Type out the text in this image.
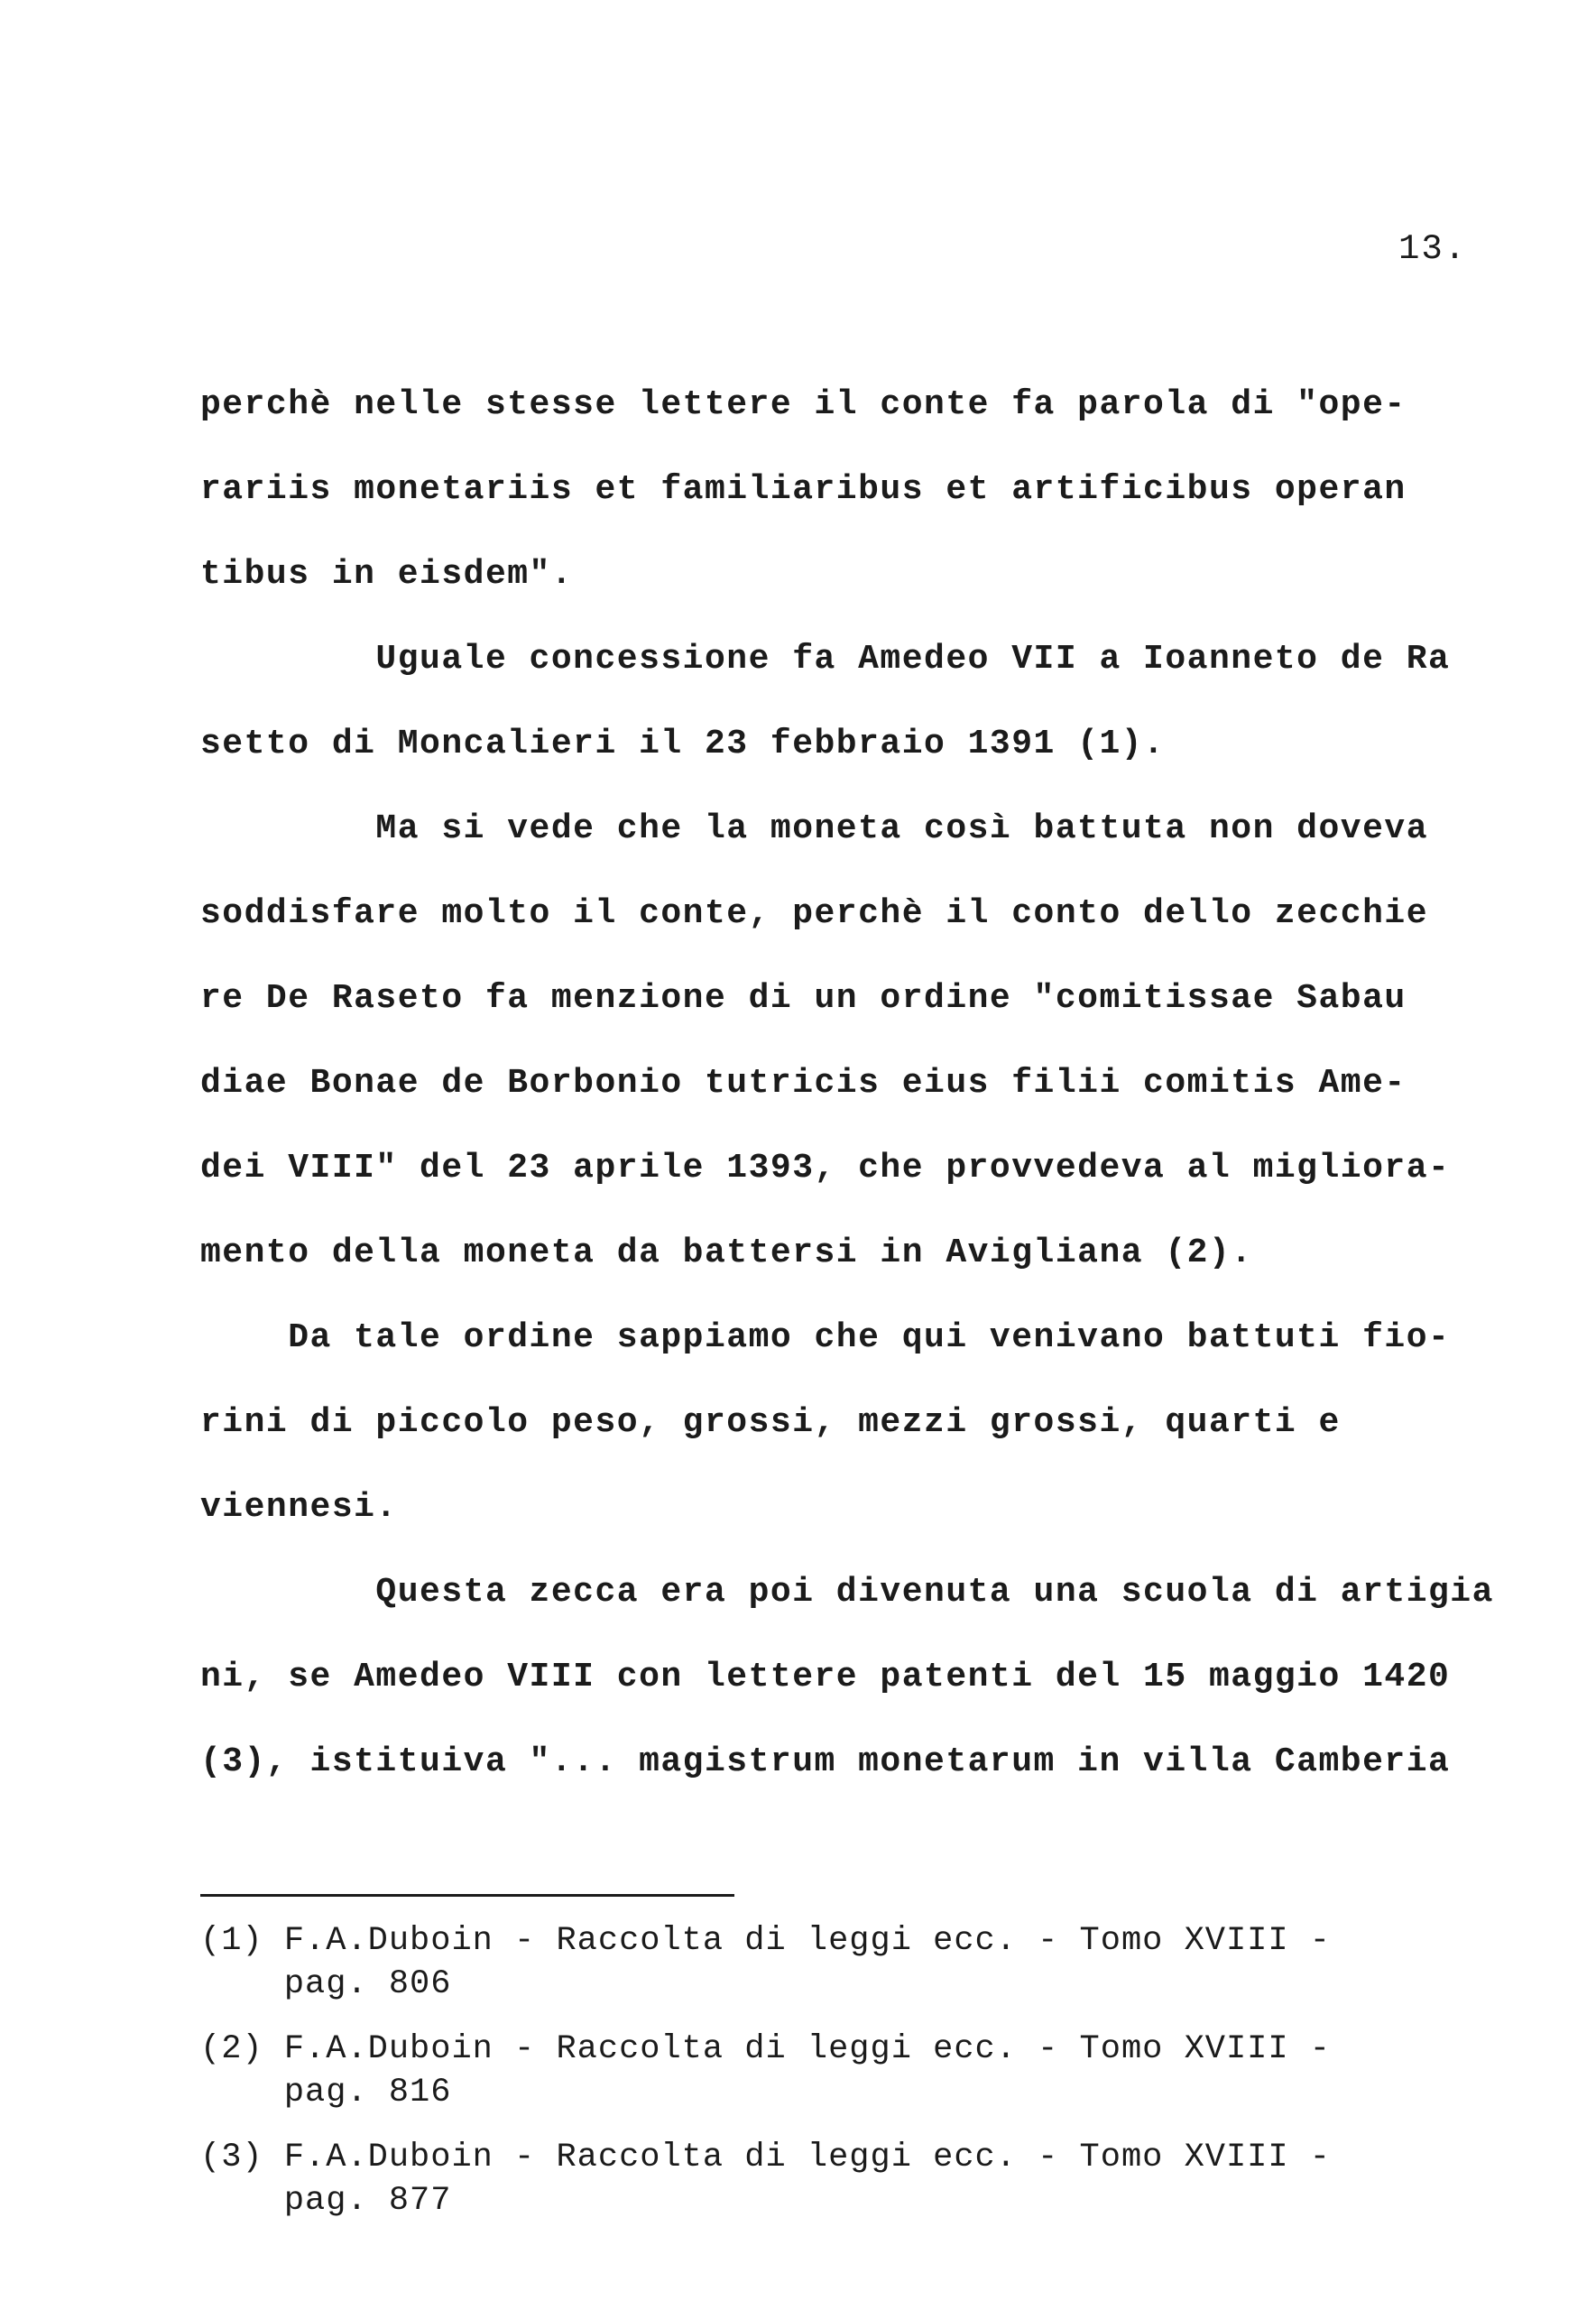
13.
perchè nelle stesse lettere il conte fa parola di "ope-
rariis monetariis et familiaribus et artificibus operan
tibus in eisdem".
Uguale concessione fa Amedeo VII a Ioanneto de Ra
setto di Moncalieri il 23 febbraio 1391 (1).
Ma si vede che la moneta così battuta non doveva
soddisfare molto il conte, perchè il conto dello zecchie
re De Raseto fa menzione di un ordine "comitissae Sabau
diae Bonae de Borbonio tutricis eius filii comitis Ame-
dei VIII" del 23 aprile 1393, che provvedeva al migliora-
mento della moneta da battersi in Avigliana (2).
Da tale ordine sappiamo che qui venivano battuti fio-
rini di piccolo peso, grossi, mezzi grossi, quarti e
viennesi.
Questa zecca era poi divenuta una scuola di artigia
ni, se Amedeo VIII con lettere patenti del 15 maggio 1420
(3), istituiva "... magistrum monetarum in villa Camberia
(1) F.A.Duboin - Raccolta di leggi ecc. - Tomo XVIII -
pag. 806
(2) F.A.Duboin - Raccolta di leggi ecc. - Tomo XVIII -
pag. 816
(3) F.A.Duboin - Raccolta di leggi ecc. - Tomo XVIII -
pag. 877
